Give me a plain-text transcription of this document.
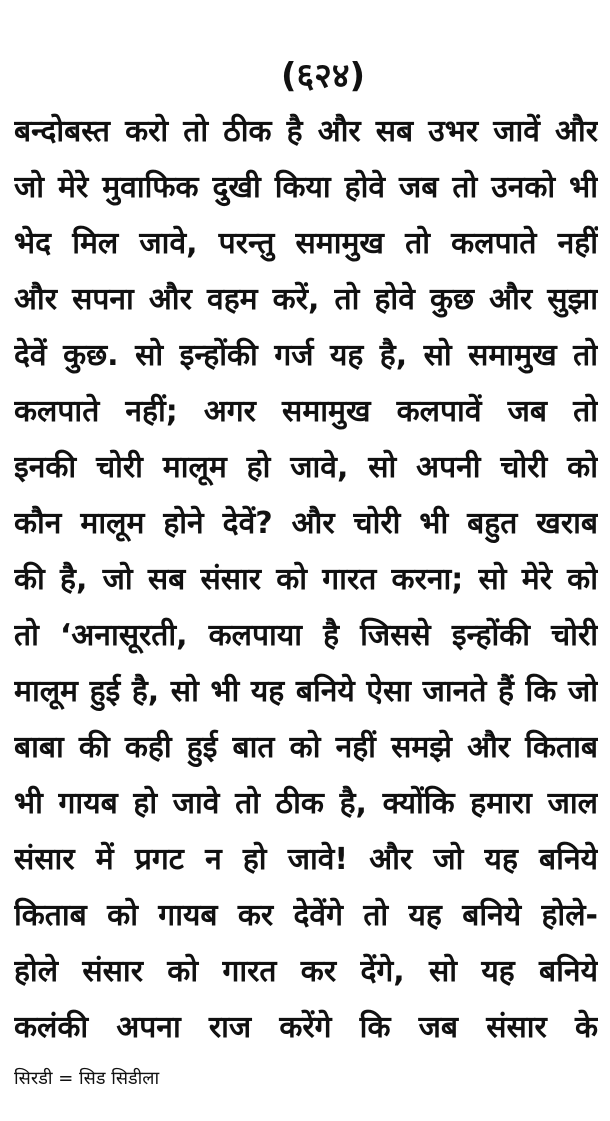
(६२४)
बन्दोबस्त करो तो ठीक है और सब उभर जावें और
जो मेरे मुवाफिक दुखी किया होवे जब तो उनको भी
भेद मिल जावे, परन्तु समामुख तो कलपाते नहीं
और सपना और वहम करें, तो होवे कुछ और सुझा
देवें कुछ. सो इन्होंकी गर्ज यह है, सो समामुख तो
कलपाते नहीं; अगर समामुख कलपावें जब तो
इनकी चोरी मालूम हो जावे, सो अपनी चोरी को
कौन मालूम होने देवें? और चोरी भी बहुत खराब
की है, जो सब संसार को गारत करना; सो मेरे को
तो ‘अनासूरती, कलपाया है जिससे इन्होंकी चोरी
मालूम हुई है, सो भी यह बनिये ऐसा जानते हैं कि जो
बाबा की कही हुई बात को नहीं समझे और किताब
भी गायब हो जावे तो ठीक है, क्योंकि हमारा जाल
संसार में प्रगट न हो जावे! और जो यह बनिये
किताब को गायब कर देवेंगे तो यह बनिये होले-
होले संसार को गारत कर देंगे, सो यह बनिये
कलंकी अपना राज करेंगे कि जब संसार के
सिरडी = सिड सिडीला
